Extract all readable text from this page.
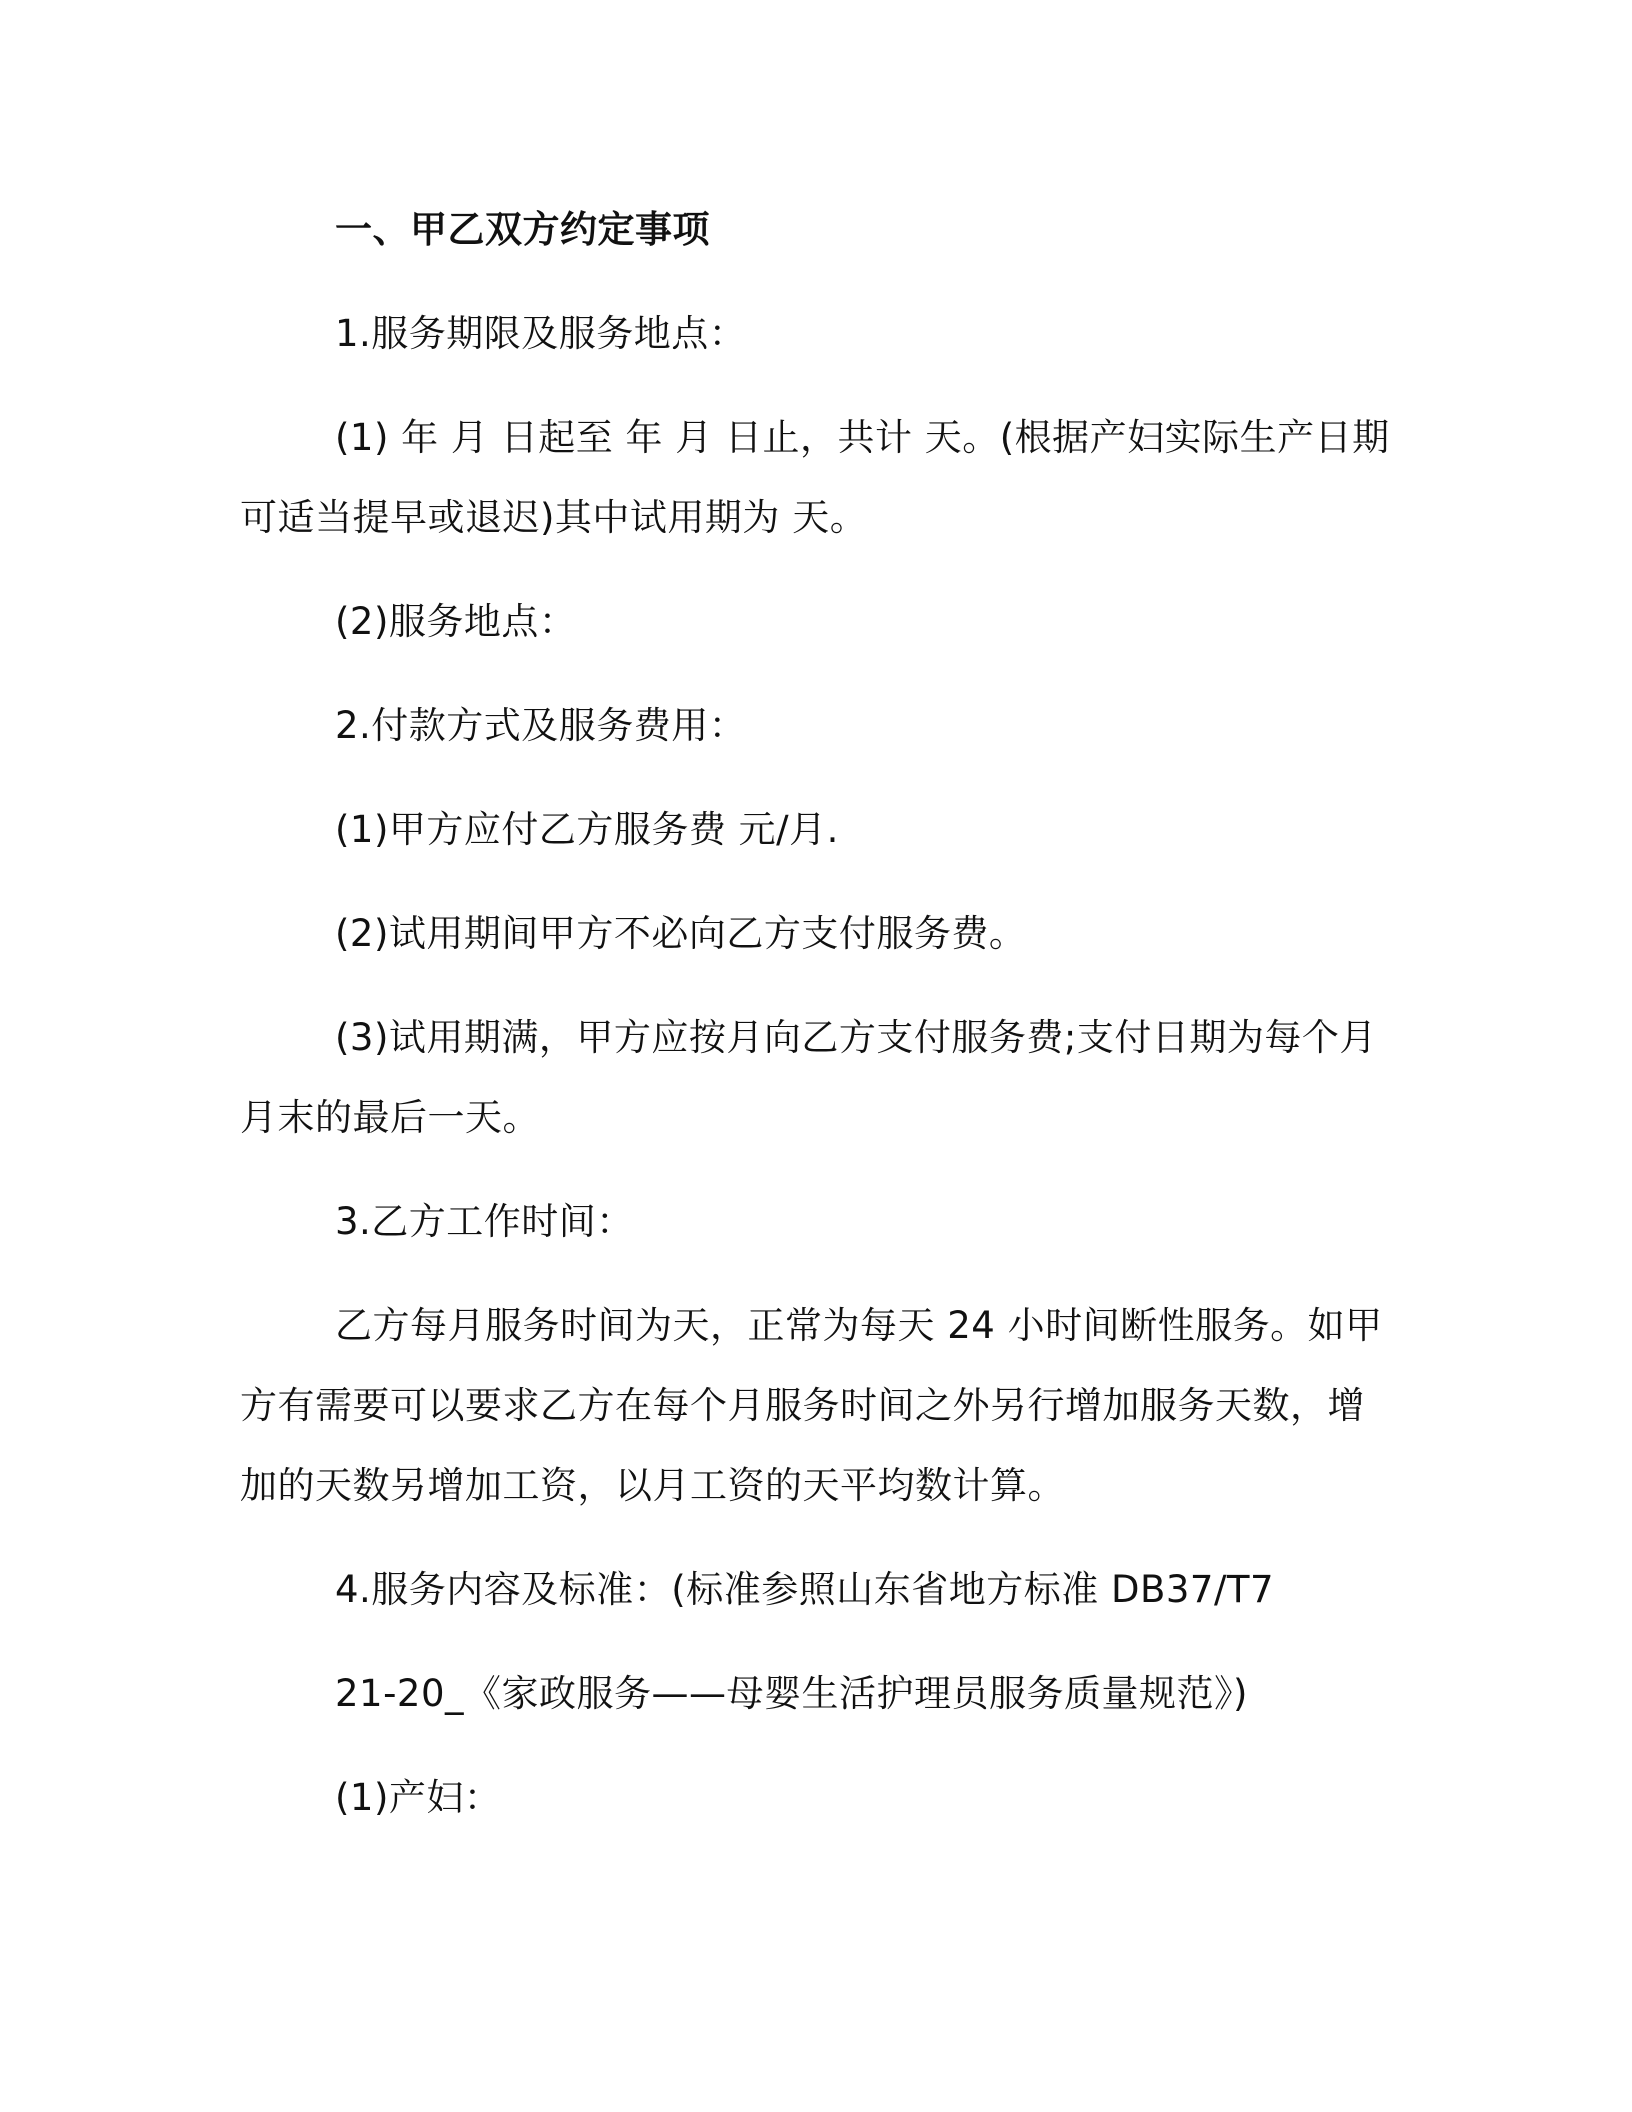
一、甲乙双方约定事项

1.服务期限及服务地点：

(1) 年 月 日起至 年 月 日止，共计 天。(根据产妇实际生产日期可适当提早或退迟)其中试用期为 天。

(2)服务地点：

2.付款方式及服务费用：

(1)甲方应付乙方服务费 元/月.

(2)试用期间甲方不必向乙方支付服务费。

(3)试用期满，甲方应按月向乙方支付服务费;支付日期为每个月月末的最后一天。

3.乙方工作时间：

乙方每月服务时间为天，正常为每天 24 小时间断性服务。如甲方有需要可以要求乙方在每个月服务时间之外另行增加服务天数，增加的天数另增加工资，以月工资的天平均数计算。

4.服务内容及标准：(标准参照山东省地方标准 DB37/T7

21-20_《家政服务——母婴生活护理员服务质量规范》)

(1)产妇：
